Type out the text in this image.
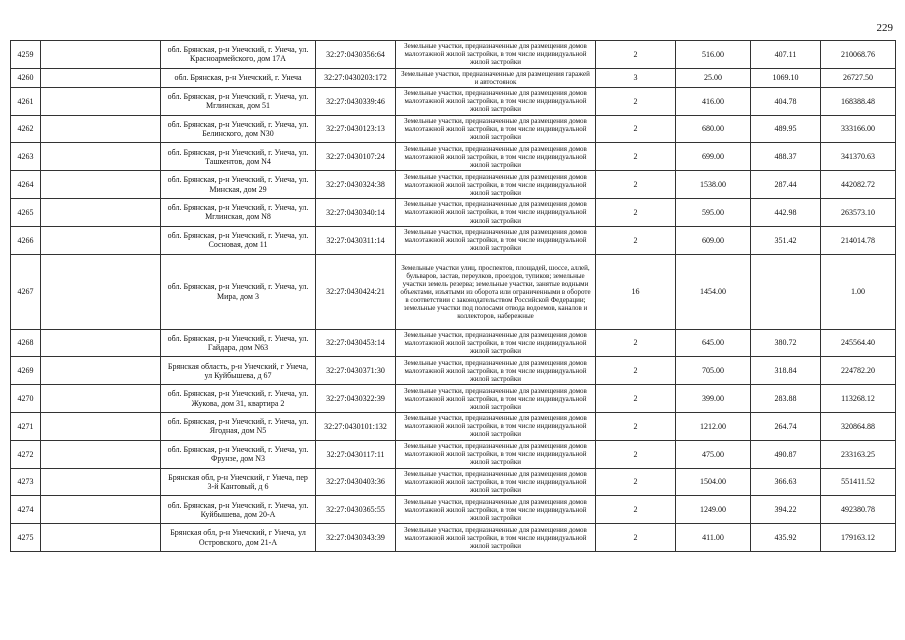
229
4259		обл. Брянская, р-н Унечский, г. Унеча, ул. Красноармейского, дом 17А	32:27:0430356:64	Земельные участки, предназначенные для размещения домов малоэтажной жилой застройки, в том числе индивидуальной жилой застройки	2	516.00	407.11	210068.76
4260		обл. Брянская, р-н Унечский, г. Унеча	32:27:0430203:172	Земельные участки, предназначенные для размещения гаражей и автостоянок	3	25.00	1069.10	26727.50
4261		обл. Брянская, р-н Унечский, г. Унеча, ул. Мглинская, дом 51	32:27:0430339:46	Земельные участки, предназначенные для размещения домов малоэтажной жилой застройки, в том числе индивидуальной жилой застройки	2	416.00	404.78	168388.48
4262		обл. Брянская, р-н Унечский, г. Унеча, ул. Белинского, дом N30	32:27:0430123:13	Земельные участки, предназначенные для размещения домов малоэтажной жилой застройки, в том числе индивидуальной жилой застройки	2	680.00	489.95	333166.00
4263		обл. Брянская, р-н Унечский, г. Унеча, ул. Ташкентов, дом N4	32:27:0430107:24	Земельные участки, предназначенные для размещения домов малоэтажной жилой застройки, в том числе индивидуальной жилой застройки	2	699.00	488.37	341370.63
4264		обл. Брянская, р-н Унечский, г. Унеча, ул. Минская, дом 29	32:27:0430324:38	Земельные участки, предназначенные для размещения домов малоэтажной жилой застройки, в том числе индивидуальной жилой застройки	2	1538.00	287.44	442082.72
4265		обл. Брянская, р-н Унечский, г. Унеча, ул. Мглинская, дом N8	32:27:0430340:14	Земельные участки, предназначенные для размещения домов малоэтажной жилой застройки, в том числе индивидуальной жилой застройки	2	595.00	442.98	263573.10
4266		обл. Брянская, р-н Унечский, г. Унеча, ул. Сосновая, дом 11	32:27:0430311:14	Земельные участки, предназначенные для размещения домов малоэтажной жилой застройки, в том числе индивидуальной жилой застройки	2	609.00	351.42	214014.78
4267		обл. Брянская, р-н Унечский, г. Унеча, ул. Мира, дом 3	32:27:0430424:21	Земельные участки улиц, проспектов, площадей, шоссе, аллей, бульваров, застав, переулков, проездов, тупиков; земельные участки земель резерва; земельные участки, занятые водными объектами, изъятыми из оборота или ограниченными в обороте в соответствии с законодательством Российской Федерации; земельные участки под полосами отвода водоемов, каналов и коллекторов, набережные	16	1454.00		1.00
4268		обл. Брянская, р-н Унечский, г. Унеча, ул. Гайдара, дом N63	32:27:0430453:14	Земельные участки, предназначенные для размещения домов малоэтажной жилой застройки, в том числе индивидуальной жилой застройки	2	645.00	380.72	245564.40
4269		Брянская область, р-н Унечский, г Унеча, ул Куйбышева, д 67	32:27:0430371:30	Земельные участки, предназначенные для размещения домов малоэтажной жилой застройки, в том числе индивидуальной жилой застройки	2	705.00	318.84	224782.20
4270		обл. Брянская, р-н Унечский, г. Унеча, ул. Жукова, дом 31, квартира 2	32:27:0430322:39	Земельные участки, предназначенные для размещения домов малоэтажной жилой застройки, в том числе индивидуальной жилой застройки	2	399.00	283.88	113268.12
4271		обл. Брянская, р-н Унечский, г. Унеча, ул. Ягодная, дом N5	32:27:0430101:132	Земельные участки, предназначенные для размещения домов малоэтажной жилой застройки, в том числе индивидуальной жилой застройки	2	1212.00	264.74	320864.88
4272		обл. Брянская, р-н Унечский, г. Унеча, ул. Фрунзе, дом N3	32:27:0430117:11	Земельные участки, предназначенные для размещения домов малоэтажной жилой застройки, в том числе индивидуальной жилой застройки	2	475.00	490.87	233163.25
4273		Брянская обл, р-н Унечский, г Унеча, пер 3-й Кантовый, д 6	32:27:0430403:36	Земельные участки, предназначенные для размещения домов малоэтажной жилой застройки, в том числе индивидуальной жилой застройки	2	1504.00	366.63	551411.52
4274		обл. Брянская, р-н Унечский, г. Унеча, ул. Куйбышева, дом 20-А	32:27:0430365:55	Земельные участки, предназначенные для размещения домов малоэтажной жилой застройки, в том числе индивидуальной жилой застройки	2	1249.00	394.22	492380.78
4275		Брянская обл, р-н Унечский, г Унеча, ул Островского, дом 21-А	32:27:0430343:39	Земельные участки, предназначенные для размещения домов малоэтажной жилой застройки, в том числе индивидуальной жилой застройки	2	411.00	435.92	179163.12
